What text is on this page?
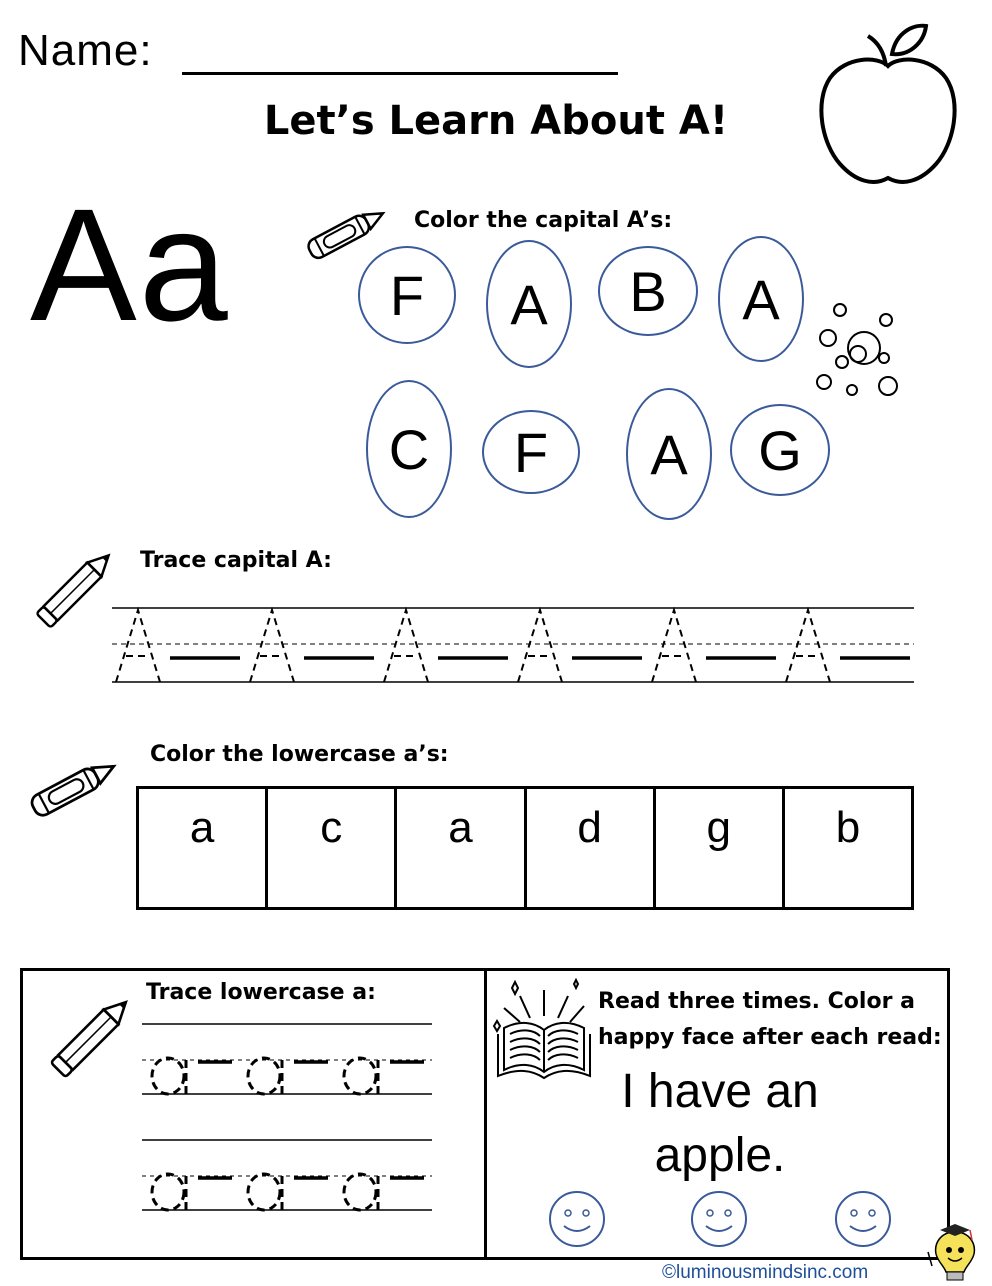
Name:
Let’s Learn About A!
Aa	Color the capital A’s:
F	A	B	A
C	F	A	G
Trace capital A:
Color the lowercase a’s:
a	c	a	d	g	b
Trace lowercase a:	Read three times. Color a
happy face after each read:
I have an
apple.
©luminousmindsinc.com
